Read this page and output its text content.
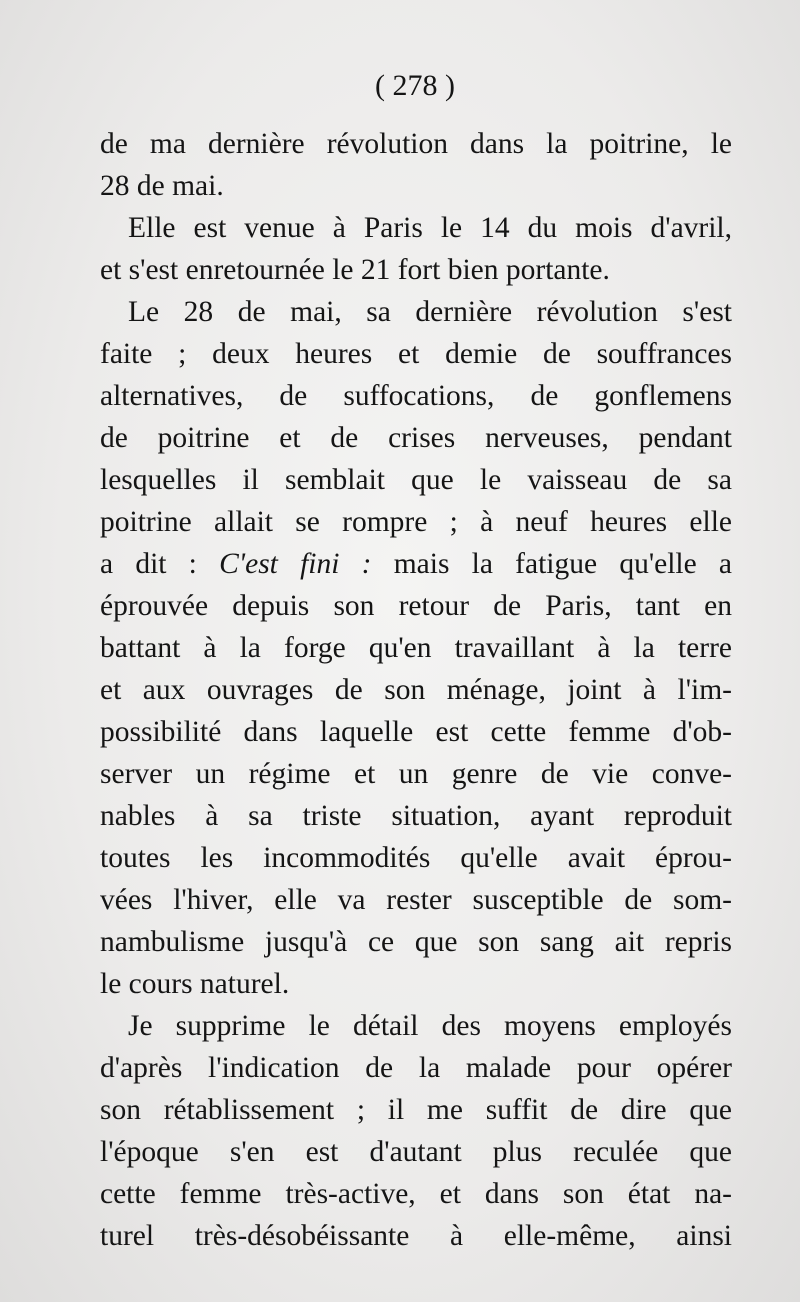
( 278 )
de ma dernière révolution dans la poitrine, le
28 de mai.
Elle est venue à Paris le 14 du mois d'avril,
et s'est enretournée le 21 fort bien portante.
Le 28 de mai, sa dernière révolution s'est
faite ; deux heures et demie de souffrances
alternatives, de suffocations, de gonflemens
de poitrine et de crises nerveuses, pendant
lesquelles il semblait que le vaisseau de sa
poitrine allait se rompre ; à neuf heures elle
a dit : C'est fini : mais la fatigue qu'elle a
éprouvée depuis son retour de Paris, tant en
battant à la forge qu'en travaillant à la terre
et aux ouvrages de son ménage, joint à l'im-
possibilité dans laquelle est cette femme d'ob-
server un régime et un genre de vie conve-
nables à sa triste situation, ayant reproduit
toutes les incommodités qu'elle avait éprou-
vées l'hiver, elle va rester susceptible de som-
nambulisme jusqu'à ce que son sang ait repris
le cours naturel.
Je supprime le détail des moyens employés
d'après l'indication de la malade pour opérer
son rétablissement ; il me suffit de dire que
l'époque s'en est d'autant plus reculée que
cette femme très-active, et dans son état na-
turel très-désobéissante à elle-même, ainsi
